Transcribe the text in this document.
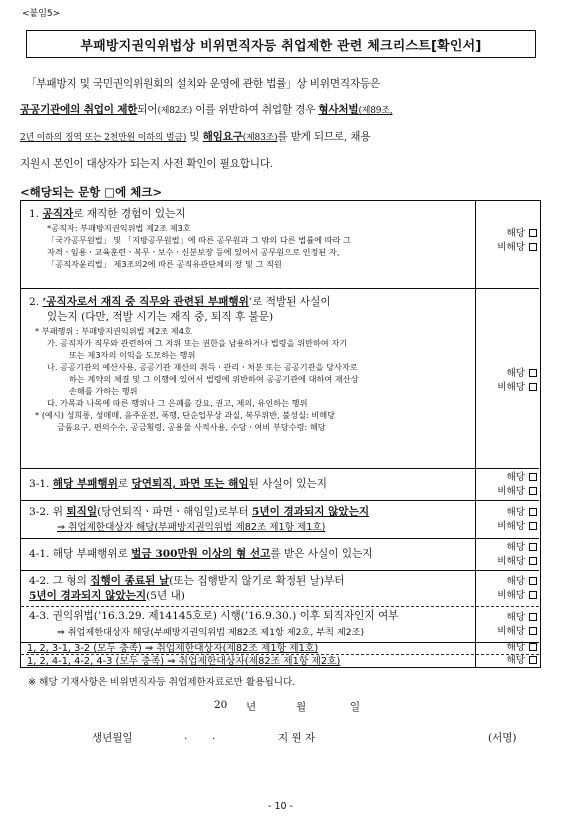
<붙임5>
부패방지권익위법상 비위면직자등 취업제한 관련 체크리스트[확인서]
「부패방지 및 국민권익위원회의 설치와 운영에 관한 법률」상 비위면직자등은
공공기관에의 취업이 제한되어(제82조) 이를 위반하여 취업할 경우 형사처벌(제89조,
2년 이하의 징역 또는 2천만원 이하의 벌금) 및 해임요구(제83조)를 받게 되므로, 채용
지원시 본인이 대상자가 되는지 사전 확인이 필요합니다.
<해당되는 문항 □에 체크>
1. 공직자로 재직한 경험이 있는지
*공직자: 부패방지권익위법 제2조 제3호
「국가공무원법」 및 「지방공무원법」에 따른 공무원과 그 밖의 다른 법률에 따라 그
자격ㆍ임용ㆍ교육훈련ㆍ복무ㆍ보수ㆍ신분보장 등에 있어서 공무원으로 인정된 자,
「공직자윤리법」 제3조의2에 따른 공직유관단체의 장 및 그 직원
해당
비해당
2. ‘공직자로서 재직 중 직무와 관련된 부패행위’로 적발된 사실이
있는지 (다만, 적발 시기는 재직 중, 퇴직 후 불문)
* 부패행위 : 부패방지권익위법 제2조 제4호
가. 공직자가 직무와 관련하여 그 지위 또는 권한을 남용하거나 법령을 위반하여 자기
또는 제3자의 이익을 도모하는 행위
나. 공공기관의 예산사용, 공공기관 재산의 취득ㆍ관리ㆍ처분 또는 공공기관을 당사자로
하는 계약의 체결 및 그 이행에 있어서 법령에 위반하여 공공기관에 대하여 재산상
손해를 가하는 행위
다. 가목과 나목에 따른 행위나 그 은폐를 강요, 권고, 제의, 유인하는 행위
* (예시) 성희롱, 성매매, 음주운전, 폭행, 단순업무상 과실, 복무위반, 불성실: 비해당
금품요구, 편의수수, 공금횡령, 공용물 사적사용, 수당ㆍ여비 부당수령: 해당
해당
비해당
3-1. 해당 부패행위로 당연퇴직, 파면 또는 해임된 사실이 있는지
해당
비해당
3-2. 위 퇴직일(당연퇴직ㆍ파면ㆍ해임일)로부터 5년이 경과되지 않았는지
⇒ 취업제한대상자 해당(부패방지권익위법 제82조 제1항 제1호)
해당
비해당
4-1. 해당 부패행위로 벌금 300만원 이상의 형 선고를 받은 사실이 있는지
해당
비해당
4-2. 그 형의 집행이 종료된 날(또는 집행받지 않기로 확정된 날)부터
5년이 경과되지 않았는지(5년 내)
해당
비해당
4-3. 권익위법(’16.3.29. 제14145호로) 시행(’16.9.30.) 이후 퇴직자인지 여부
⇒ 취업제한대상자 해당(부패방지권익위법 제82조 제1항 제2호, 부칙 제2조)
해당
비해당
1, 2, 3-1, 3-2 (모두 충족) ⇒ 취업제한대상자(제82조 제1항 제1호)	해당
1, 2, 4-1, 4-2, 4-3 (모두 충족) ⇒ 취업제한대상자(제82조 제1항 제2호)	해당
※ 해당 기재사항은 비위면직자등 취업제한자료로만 활용됩니다.
20 년	월	일
생년월일	. .	지 원 자	(서명)
- 10 -
